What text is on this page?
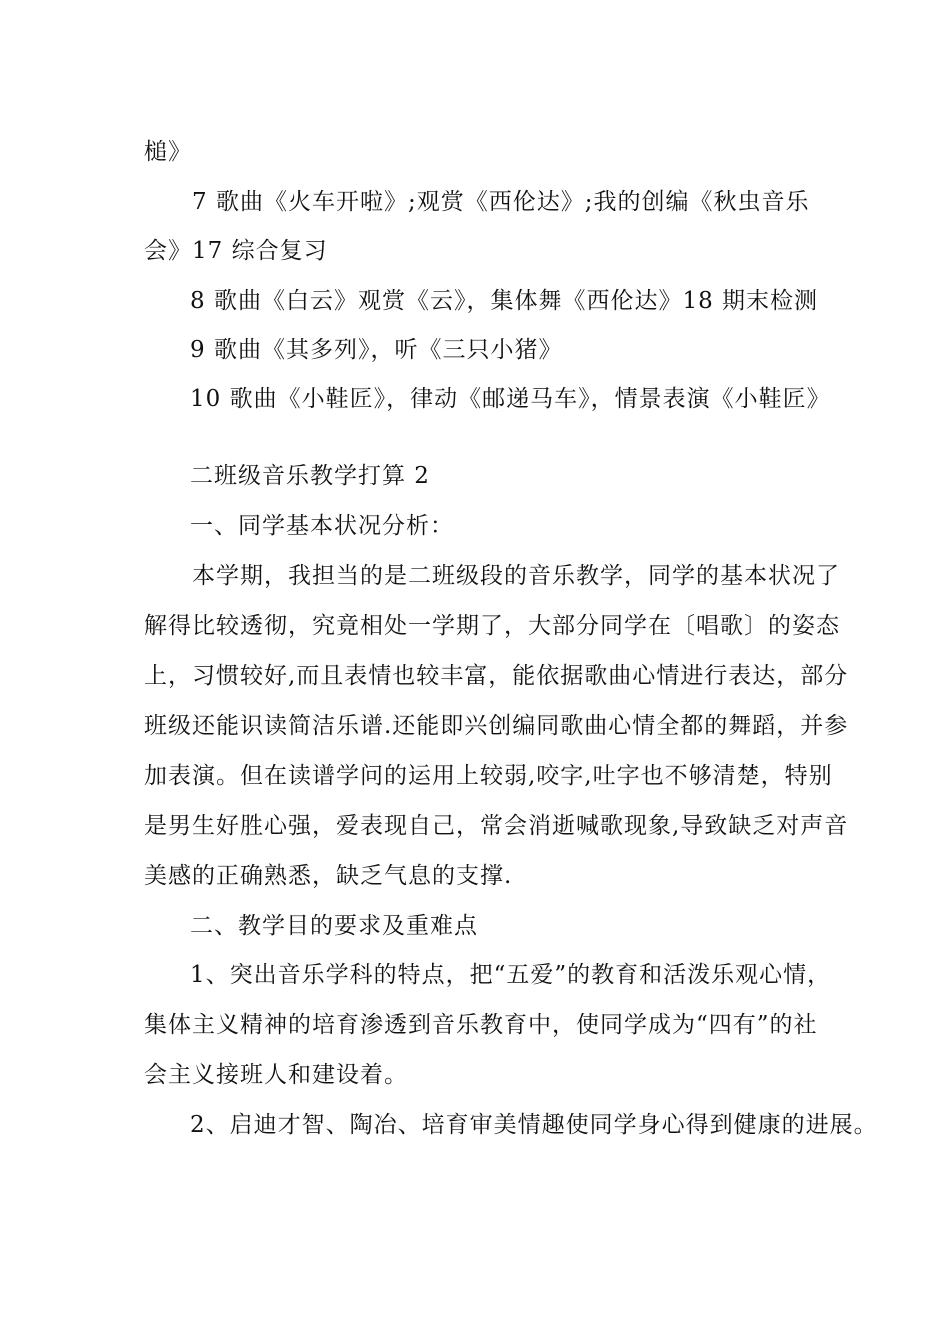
槌》
7 歌曲《火车开啦》;观赏《西伦达》;我的创编《秋虫音乐
会》17 综合复习
8 歌曲《白云》观赏《云》，集体舞《西伦达》18 期末检测
9 歌曲《其多列》，听《三只小猪》
10 歌曲《小鞋匠》，律动《邮递马车》，情景表演《小鞋匠》
二班级音乐教学打算 2
一、同学基本状况分析：
本学期，我担当的是二班级段的音乐教学，同学的基本状况了
解得比较透彻，究竟相处一学期了，大部分同学在〔唱歌〕的姿态
上，习惯较好,而且表情也较丰富，能依据歌曲心情进行表达，部分
班级还能识读简洁乐谱.还能即兴创编同歌曲心情全都的舞蹈，并参
加表演。但在读谱学问的运用上较弱,咬字,吐字也不够清楚，特别
是男生好胜心强，爱表现自己，常会消逝喊歌现象,导致缺乏对声音
美感的正确熟悉，缺乏气息的支撑.
二、教学目的要求及重难点
1、突出音乐学科的特点，把“五爱”的教育和活泼乐观心情，
集体主义精神的培育渗透到音乐教育中，使同学成为“四有”的社
会主义接班人和建设着。
2、启迪才智、陶冶、培育审美情趣使同学身心得到健康的进展。
